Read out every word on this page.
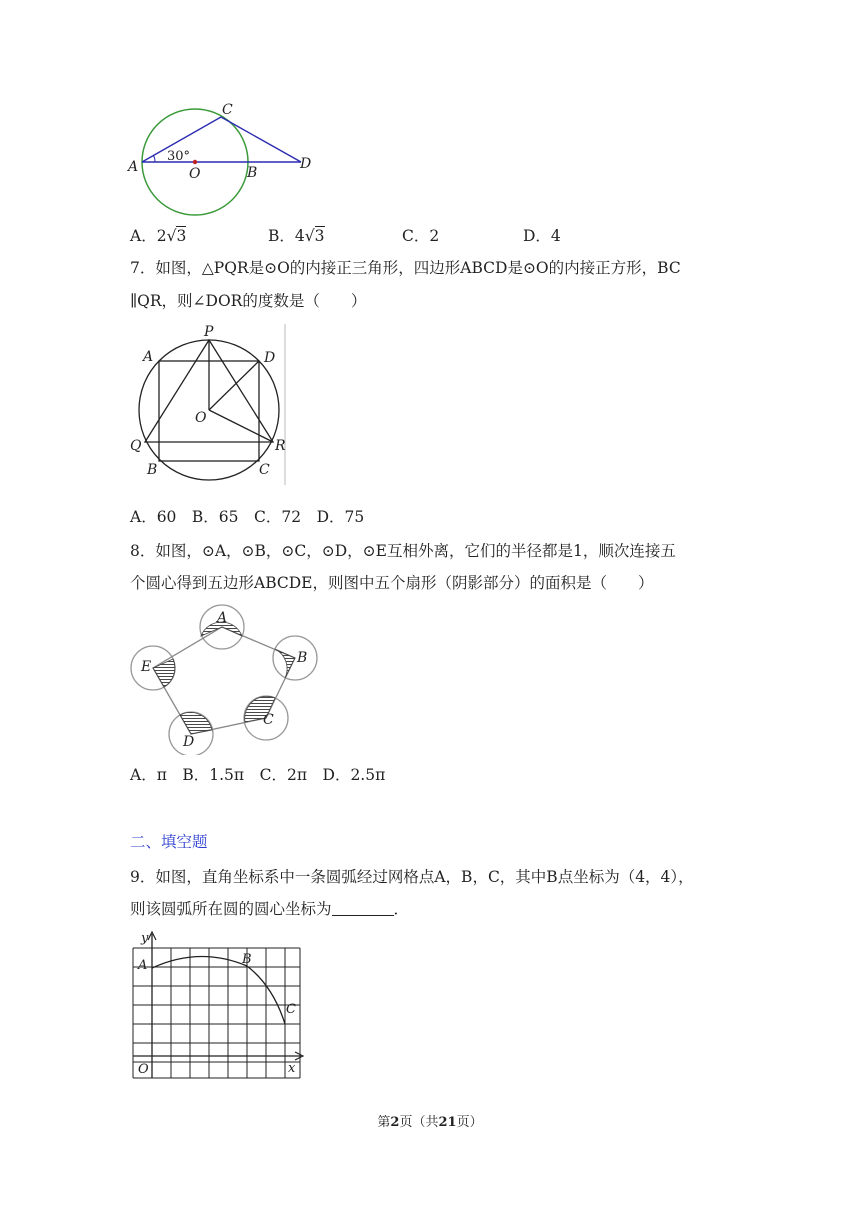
C
A
30°
O	B
D
A．2√3	B．4√3	C．2	D．4
7．如图，△PQR是⊙O的内接正三角形，四边形ABCD是⊙O的内接正方形，BC
∥QR，则∠DOR的度数是（　　）
P
A	D
O
Q	R
B	C
A．60　B．65　C．72　D．75
8．如图，⊙A，⊙B，⊙C，⊙D，⊙E互相外离，它们的半径都是1，顺次连接五
个圆心得到五边形ABCDE，则图中五个扇形（阴影部分）的面积是（　　）
A
B
C
D
E
A．π　B．1.5π　C．2π　D．2.5π
二、填空题
9．如图，直角坐标系中一条圆弧经过网格点A，B，C，其中B点坐标为（4，4），
则该圆弧所在圆的圆心坐标为	．
y
x
O
A	B
C
第2页（共21页）
